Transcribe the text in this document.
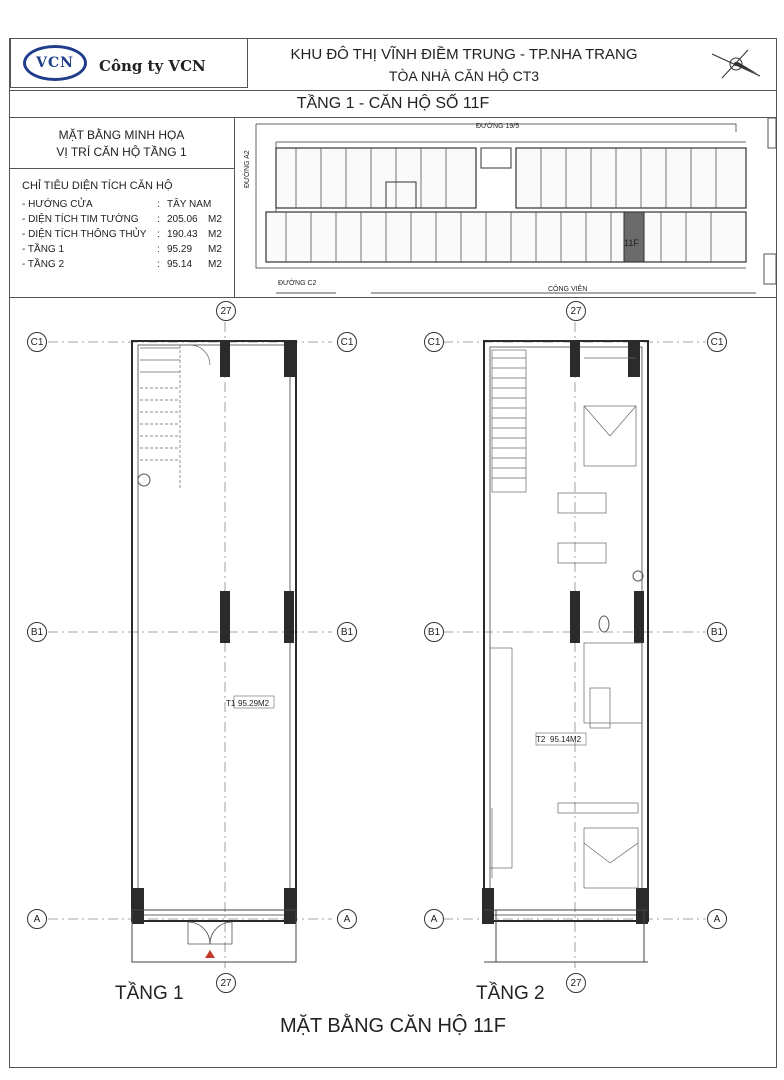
VCN Công ty VCN
KHU ĐÔ THỊ VĨNH ĐIỀM TRUNG - TP.NHA TRANG
TÒA NHÀ CĂN HỘ CT3
TẦNG 1 - CĂN HỘ SỐ 11F
MẶT BẰNG MINH HỌA
VỊ TRÍ CĂN HỘ TẦNG 1
CHỈ TIÊU DIỆN TÍCH CĂN HỘ
- HƯỚNG CỬA	: TÂY NAM
- DIỆN TÍCH TIM TƯỜNG : 205.06 M2
- DIỆN TÍCH THÔNG THỦY : 190.43 M2
- TẦNG 1	: 95.29 M2
- TẦNG 2	: 95.14 M2
ĐƯỜNG 19/5
ĐƯỜNG A2
ĐƯỜNG C2
CÔNG VIÊN
11F
T1 95.29M2
T2 95.14M2
27	27
27	27
C1	C1	C1	C1
B1	B1	B1	B1
A	A	A	A
TẦNG 1	TẦNG 2
MẶT BẰNG CĂN HỘ 11F
